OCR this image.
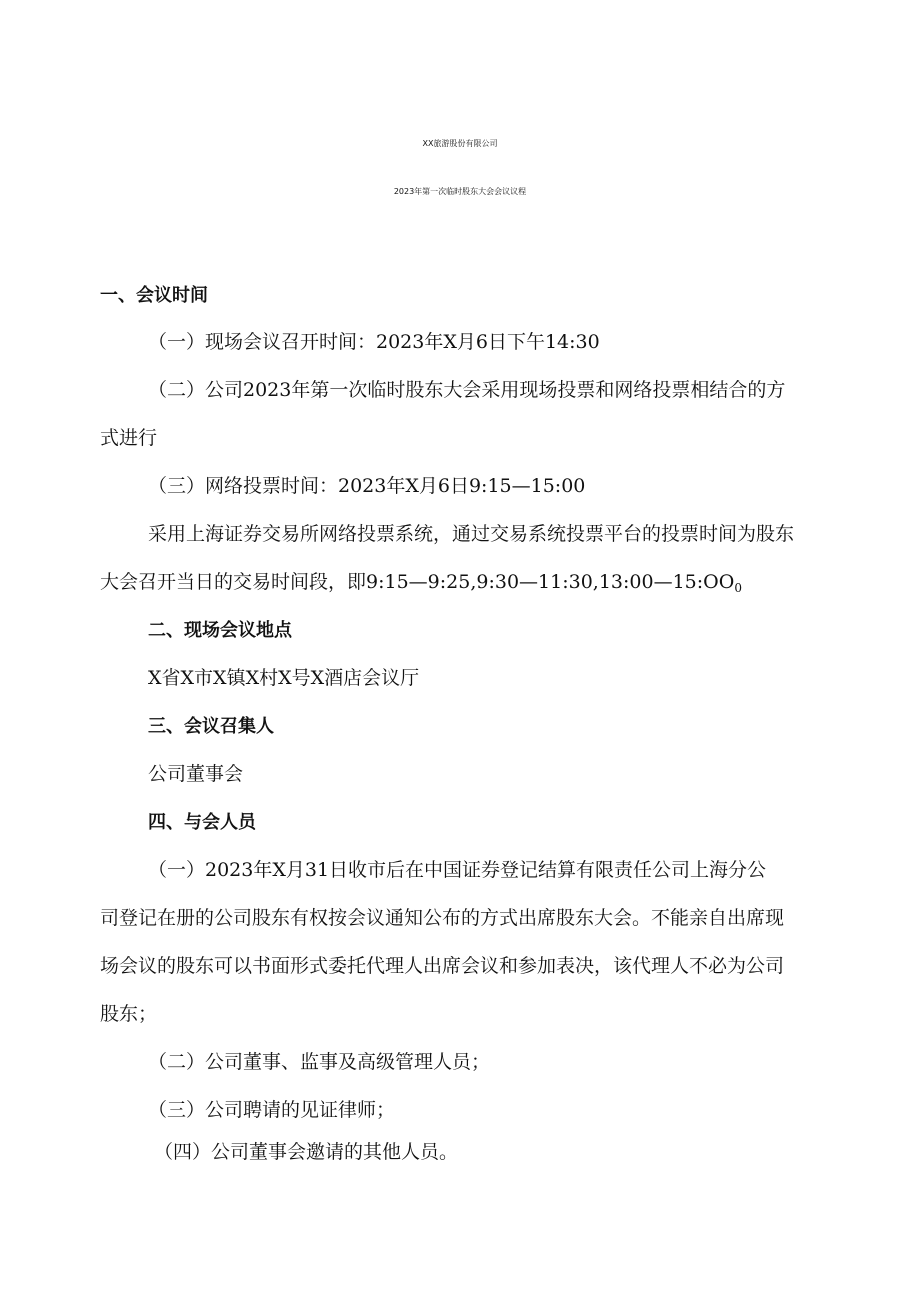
XX旅游股份有限公司
2023年第一次临时股东大会会议议程
一、会议时间
（一）现场会议召开时间：2023年X月6日下午14:30
（二）公司2023年第一次临时股东大会采用现场投票和网络投票相结合的方
式进行
（三）网络投票时间：2023年X月6日9:15—15:00
采用上海证券交易所网络投票系统，通过交易系统投票平台的投票时间为股东
大会召开当日的交易时间段，即$9:15—9:25,9:30—11:30,13:00—15:OO_0$
二、现场会议地点
X省X市X镇X村X号X酒店会议厅
三、会议召集人
公司董事会
四、与会人员
（一）2023年X月31日收市后在中国证券登记结算有限责任公司上海分公
司登记在册的公司股东有权按会议通知公布的方式出席股东大会。不能亲自出席现
场会议的股东可以书面形式委托代理人出席会议和参加表决，该代理人不必为公司
股东；
（二）公司董事、监事及高级管理人员；
（三）公司聘请的见证律师；
（四）公司董事会邀请的其他人员。
